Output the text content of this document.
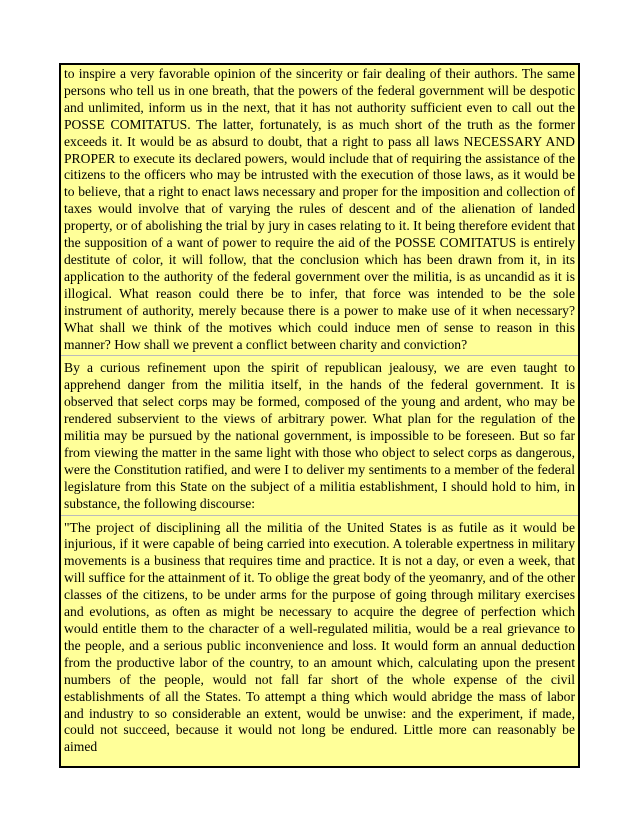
to inspire a very favorable opinion of the sincerity or fair dealing of their authors. The same persons who tell us in one breath, that the powers of the federal government will be despotic and unlimited, inform us in the next, that it has not authority sufficient even to call out the POSSE COMITATUS. The latter, fortunately, is as much short of the truth as the former exceeds it. It would be as absurd to doubt, that a right to pass all laws NECESSARY AND PROPER to execute its declared powers, would include that of requiring the assistance of the citizens to the officers who may be intrusted with the execution of those laws, as it would be to believe, that a right to enact laws necessary and proper for the imposition and collection of taxes would involve that of varying the rules of descent and of the alienation of landed property, or of abolishing the trial by jury in cases relating to it. It being therefore evident that the supposition of a want of power to require the aid of the POSSE COMITATUS is entirely destitute of color, it will follow, that the conclusion which has been drawn from it, in its application to the authority of the federal government over the militia, is as uncandid as it is illogical. What reason could there be to infer, that force was intended to be the sole instrument of authority, merely because there is a power to make use of it when necessary? What shall we think of the motives which could induce men of sense to reason in this manner? How shall we prevent a conflict between charity and conviction?

By a curious refinement upon the spirit of republican jealousy, we are even taught to apprehend danger from the militia itself, in the hands of the federal government. It is observed that select corps may be formed, composed of the young and ardent, who may be rendered subservient to the views of arbitrary power. What plan for the regulation of the militia may be pursued by the national government, is impossible to be foreseen. But so far from viewing the matter in the same light with those who object to select corps as dangerous, were the Constitution ratified, and were I to deliver my sentiments to a member of the federal legislature from this State on the subject of a militia establishment, I should hold to him, in substance, the following discourse:

"The project of disciplining all the militia of the United States is as futile as it would be injurious, if it were capable of being carried into execution. A tolerable expertness in military movements is a business that requires time and practice. It is not a day, or even a week, that will suffice for the attainment of it. To oblige the great body of the yeomanry, and of the other classes of the citizens, to be under arms for the purpose of going through military exercises and evolutions, as often as might be necessary to acquire the degree of perfection which would entitle them to the character of a well-regulated militia, would be a real grievance to the people, and a serious public inconvenience and loss. It would form an annual deduction from the productive labor of the country, to an amount which, calculating upon the present numbers of the people, would not fall far short of the whole expense of the civil establishments of all the States. To attempt a thing which would abridge the mass of labor and industry to so considerable an extent, would be unwise: and the experiment, if made, could not succeed, because it would not long be endured. Little more can reasonably be aimed
